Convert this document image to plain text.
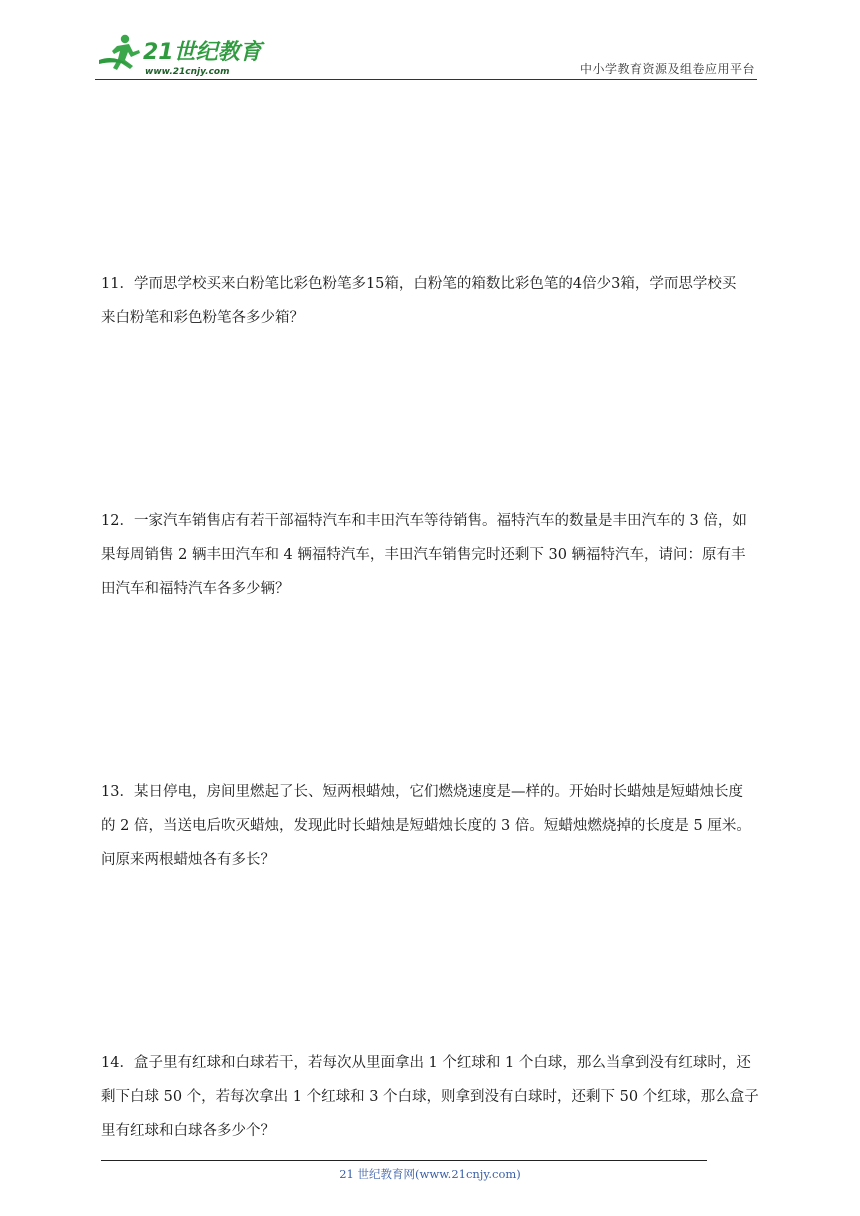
21世纪教育
www.21cnjy.com	中小学教育资源及组卷应用平台
11．学而思学校买来白粉笔比彩色粉笔多15箱，白粉笔的箱数比彩色笔的4倍少3箱，学而思学校买
来白粉笔和彩色粉笔各多少箱？
12．一家汽车销售店有若干部福特汽车和丰田汽车等待销售。福特汽车的数量是丰田汽车的 3 倍，如
果每周销售 2 辆丰田汽车和 4 辆福特汽车，丰田汽车销售完时还剩下 30 辆福特汽车，请问：原有丰
田汽车和福特汽车各多少辆？
13．某日停电，房间里燃起了长、短两根蜡烛，它们燃烧速度是—样的。开始时长蜡烛是短蜡烛长度
的 2 倍，当送电后吹灭蜡烛，发现此时长蜡烛是短蜡烛长度的 3 倍。短蜡烛燃烧掉的长度是 5 厘米。
问原来两根蜡烛各有多长？
14．盒子里有红球和白球若干，若每次从里面拿出 1 个红球和 1 个白球，那么当拿到没有红球时，还
剩下白球 50 个，若每次拿出 1 个红球和 3 个白球，则拿到没有白球时，还剩下 50 个红球，那么盒子
里有红球和白球各多少个？
21 世纪教育网(www.21cnjy.com)
